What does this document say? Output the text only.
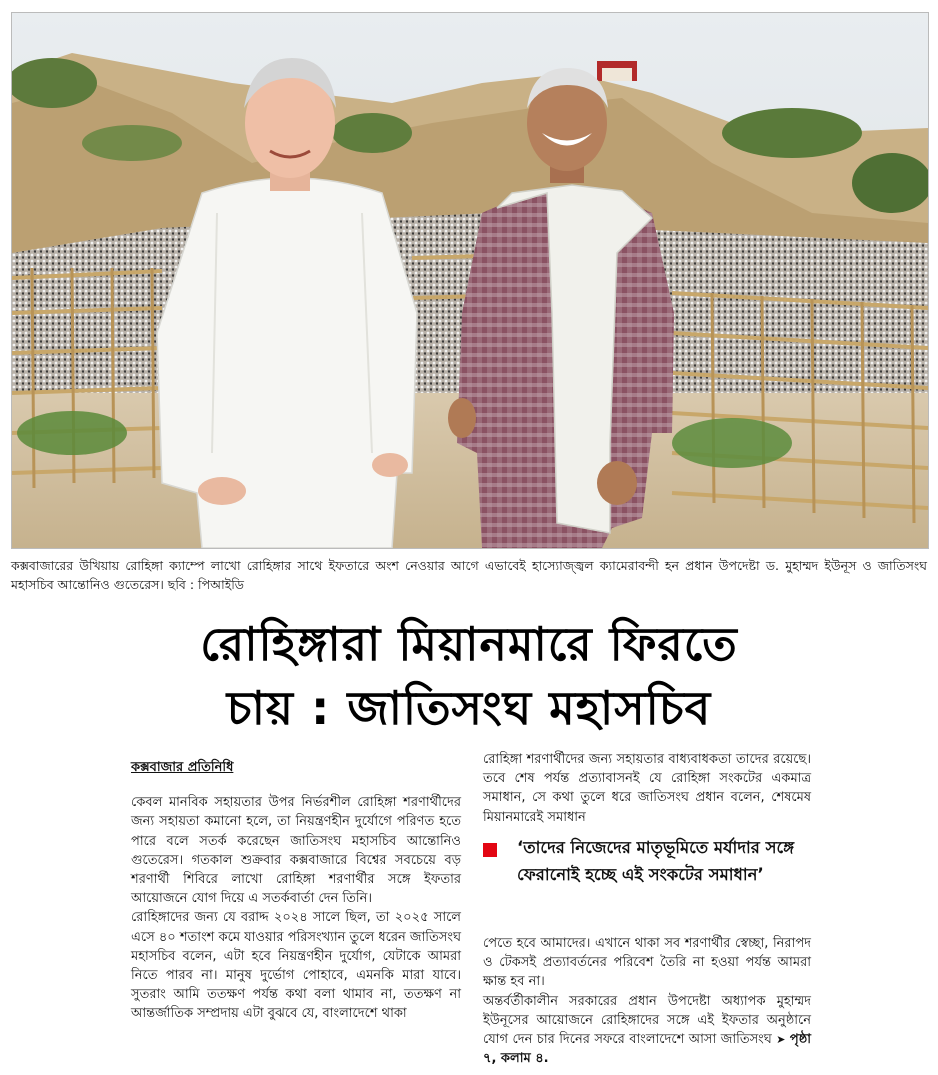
কক্সবাজারের উখিয়ায় রোহিঙ্গা ক্যাম্পে লাখো রোহিঙ্গার সাথে ইফতারে অংশ নেওয়ার আগে এভাবেই হাস্যোজ্জ্বল ক্যামেরাবন্দী হন প্রধান উপদেষ্টা ড. মুহাম্মদ ইউনূস ও জাতিসংঘ মহাসচিব আন্তোনিও গুতেরেস। ছবি : পিআইডি
রোহিঙ্গারা মিয়ানমারে ফিরতে
চায় : জাতিসংঘ মহাসচিব

কক্সবাজার প্রতিনিধি

কেবল মানবিক সহায়তার উপর নির্ভরশীল রোহিঙ্গা শরণার্থীদের জন্য সহায়তা কমানো হলে, তা নিয়ন্ত্রণহীন দুর্যোগে পরিণত হতে পারে বলে সতর্ক করেছেন জাতিসংঘ মহাসচিব আন্তোনিও গুতেরেস। গতকাল শুক্রবার কক্সবাজারে বিশ্বের সবচেয়ে বড় শরণার্থী শিবিরে লাখো রোহিঙ্গা শরণার্থীর সঙ্গে ইফতার আয়োজনে যোগ দিয়ে এ সতর্কবার্তা দেন তিনি।

রোহিঙ্গাদের জন্য যে বরাদ্দ ২০২৪ সালে ছিল, তা ২০২৫ সালে এসে ৪০ শতাংশ কমে যাওয়ার পরিসংখ্যান তুলে ধরেন জাতিসংঘ মহাসচিব বলেন, এটা হবে নিয়ন্ত্রণহীন দুর্যোগ, যেটাকে আমরা নিতে পারব না। মানুষ দুর্ভোগ পোহাবে, এমনকি মারা যাবে। সুতরাং আমি ততক্ষণ পর্যন্ত কথা বলা থামাব না, ততক্ষণ না আন্তর্জাতিক সম্প্রদায় এটা বুঝবে যে, বাংলাদেশে থাকা

রোহিঙ্গা শরণার্থীদের জন্য সহায়তার বাধ্যবাধকতা তাদের রয়েছে। তবে শেষ পর্যন্ত প্রত্যাবাসনই যে রোহিঙ্গা সংকটের একমাত্র সমাধান, সে কথা তুলে ধরে জাতিসংঘ প্রধান বলেন, শেষমেষ মিয়ানমারেই সমাধান

‘তাদের নিজেদের মাতৃভূমিতে মর্যাদার সঙ্গে ফেরানোই হচ্ছে এই সংকটের সমাধান’

পেতে হবে আমাদের। এখানে থাকা সব শরণার্থীর স্বেচ্ছা, নিরাপদ ও টেকসই প্রত্যাবর্তনের পরিবেশ তৈরি না হওয়া পর্যন্ত আমরা ক্ষান্ত হব না।

অন্তর্বর্তীকালীন সরকারের প্রধান উপদেষ্টা অধ্যাপক মুহাম্মদ ইউনূসের আয়োজনে রোহিঙ্গাদের সঙ্গে এই ইফতার অনুষ্ঠানে যোগ দেন চার দিনের সফরে বাংলাদেশে আসা জাতিসংঘ ➤ পৃষ্ঠা ৭, কলাম ৪.
